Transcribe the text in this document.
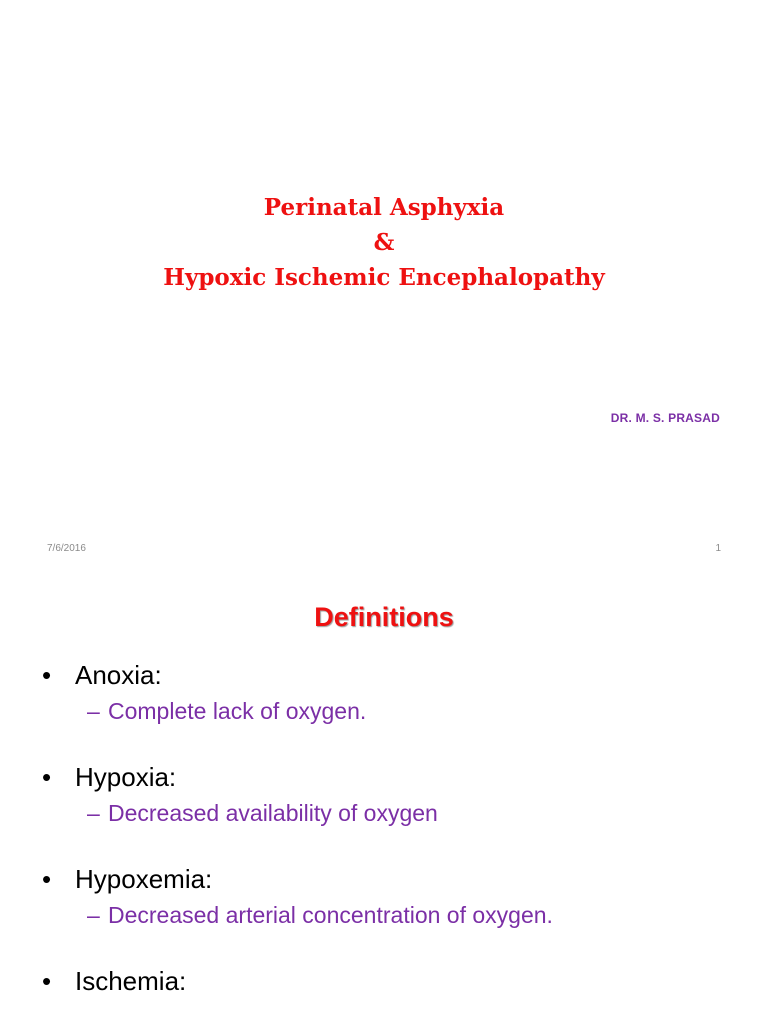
Perinatal Asphyxia
&
Hypoxic Ischemic Encephalopathy
DR. M. S. PRASAD
7/6/2016	1
Definitions
• Anoxia:
– Complete lack of oxygen.
• Hypoxia:
– Decreased availability of oxygen
• Hypoxemia:
– Decreased arterial concentration of oxygen.
• Ischemia:
